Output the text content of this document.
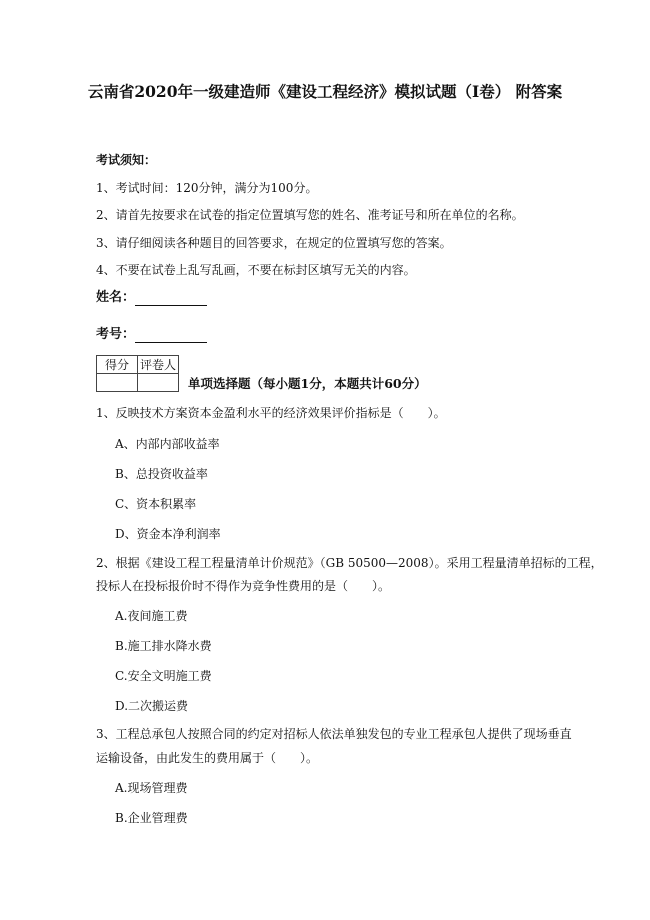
云南省2020年一级建造师《建设工程经济》模拟试题（I卷） 附答案
考试须知：
1、考试时间：120分钟，满分为100分。
2、请首先按要求在试卷的指定位置填写您的姓名、准考证号和所在单位的名称。
3、请仔细阅读各种题目的回答要求，在规定的位置填写您的答案。
4、不要在试卷上乱写乱画，不要在标封区填写无关的内容。
姓名：
考号：
得分	评卷人

单项选择题（每小题1分，本题共计60分）
1、反映技术方案资本金盈利水平的经济效果评价指标是（　　）。
A、内部内部收益率
B、总投资收益率
C、资本积累率
D、资金本净利润率
2、根据《建设工程工程量清单计价规范》（GB 50500—2008）。采用工程量清单招标的工程，
投标人在投标报价时不得作为竞争性费用的是（　　）。
A.夜间施工费
B.施工排水降水费
C.安全文明施工费
D.二次搬运费
3、工程总承包人按照合同的约定对招标人依法单独发包的专业工程承包人提供了现场垂直
运输设备，由此发生的费用属于（　　）。
A.现场管理费
B.企业管理费
